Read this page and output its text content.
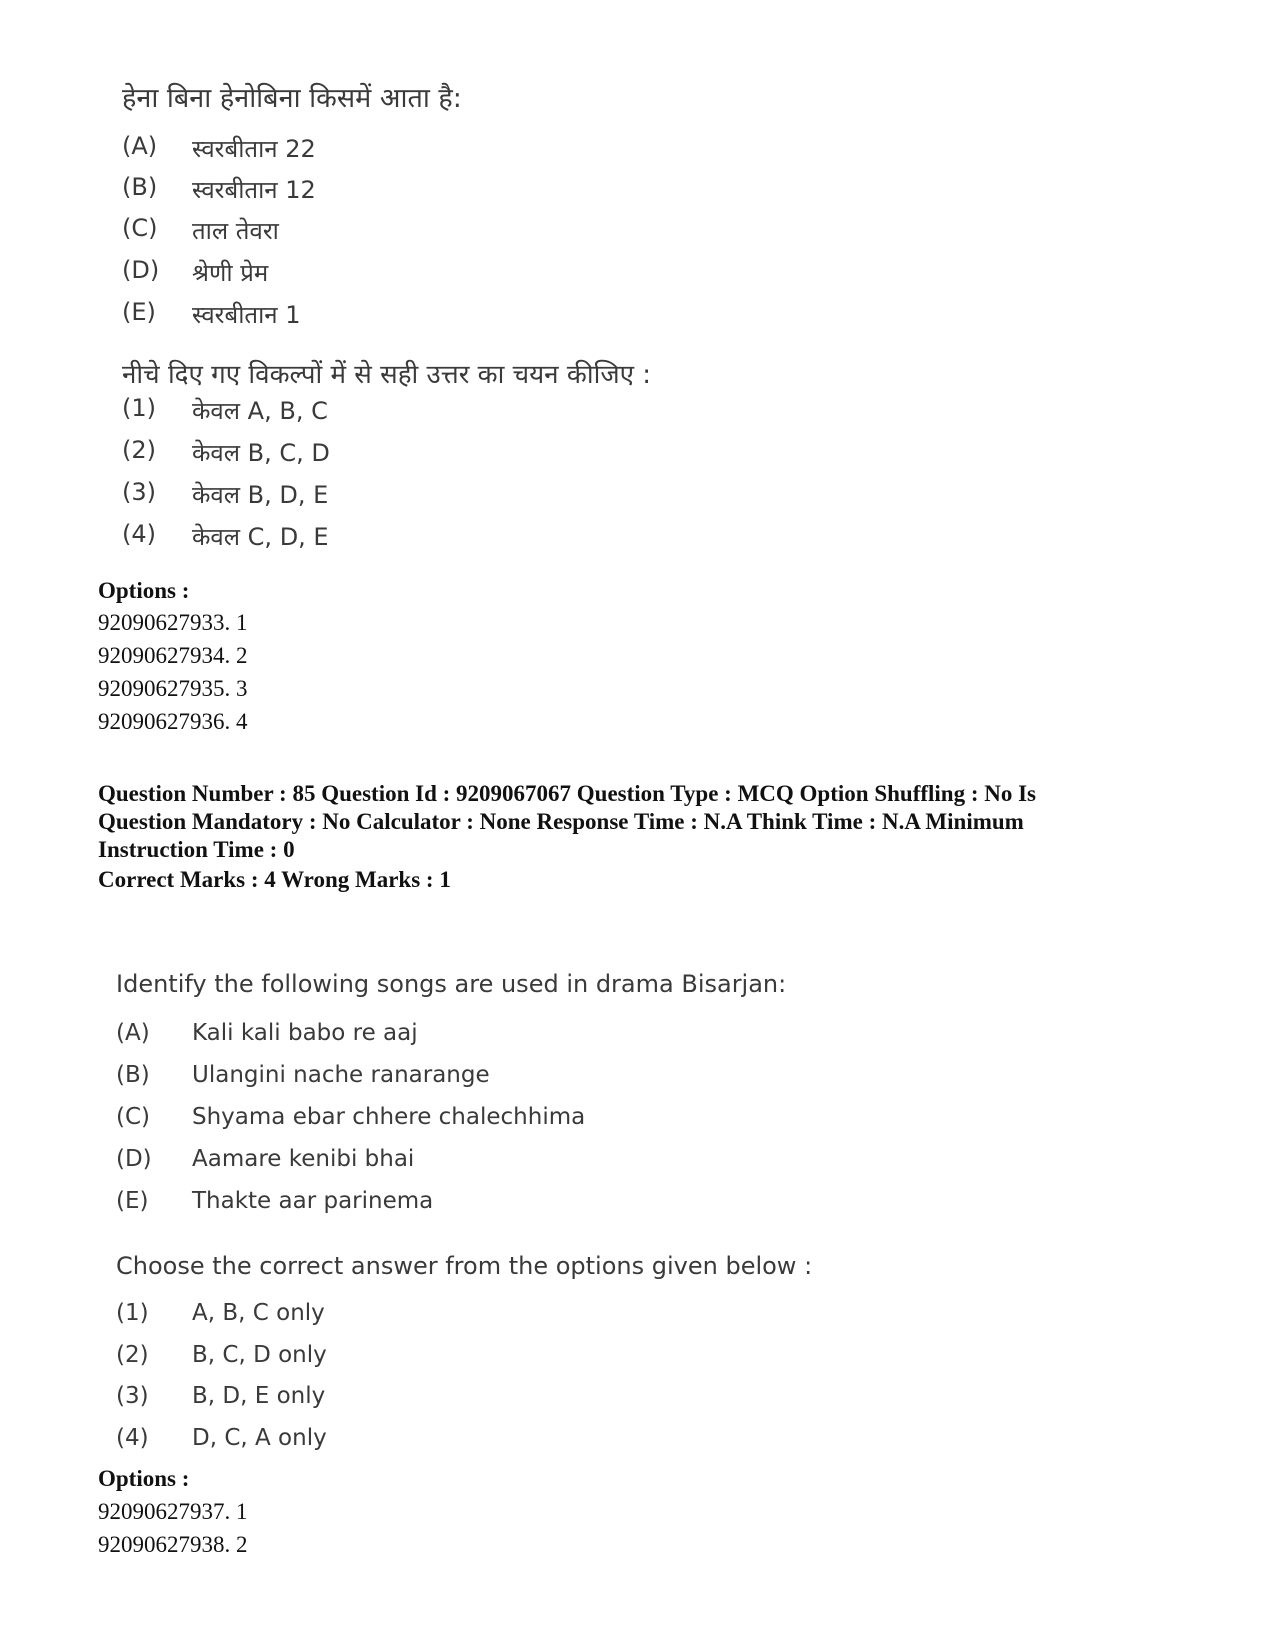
हेना बिना हेनोबिना किसमें आता है:
(A)	स्वरबीतान 22
(B)	स्वरबीतान 12
(C)	ताल तेवरा
(D)	श्रेणी प्रेम
(E)	स्वरबीतान 1
नीचे दिए गए विकल्पों में से सही उत्तर का चयन कीजिए :
(1)	केवल A, B, C
(2)	केवल B, C, D
(3)	केवल B, D, E
(4)	केवल C, D, E
Options :
92090627933. 1
92090627934. 2
92090627935. 3
92090627936. 4
Question Number : 85 Question Id : 9209067067 Question Type : MCQ Option Shuffling : No Is
Question Mandatory : No Calculator : None Response Time : N.A Think Time : N.A Minimum
Instruction Time : 0
Correct Marks : 4 Wrong Marks : 1
Identify the following songs are used in drama Bisarjan:
(A)	Kali kali babo re aaj
(B)	Ulangini nache ranarange
(C)	Shyama ebar chhere chalechhima
(D)	Aamare kenibi bhai
(E)	Thakte aar parinema
Choose the correct answer from the options given below :
(1)	A, B, C only
(2)	B, C, D only
(3)	B, D, E only
(4)	D, C, A only
Options :
92090627937. 1
92090627938. 2
